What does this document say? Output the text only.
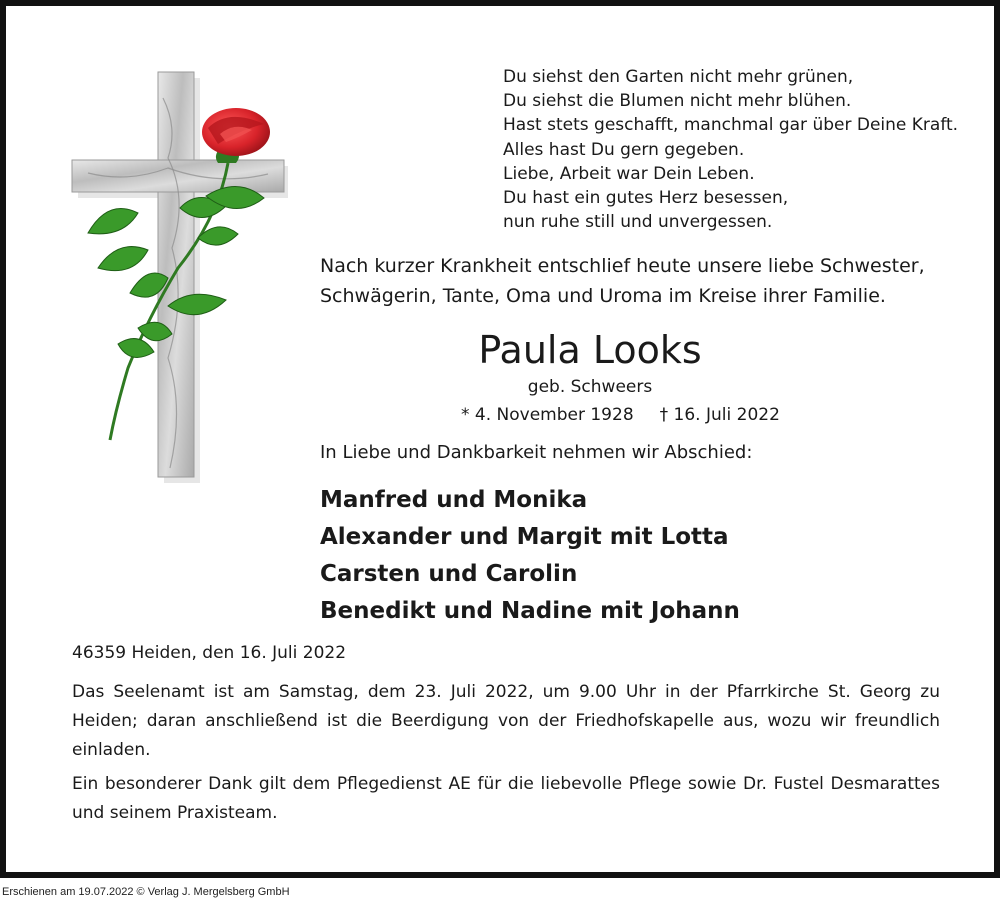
Du siehst den Garten nicht mehr grünen,
Du siehst die Blumen nicht mehr blühen.
Hast stets geschafft, manchmal gar über Deine Kraft.
Alles hast Du gern gegeben.
Liebe, Arbeit war Dein Leben.
Du hast ein gutes Herz besessen,
nun ruhe still und unvergessen.
Nach kurzer Krankheit entschlief heute unsere liebe Schwester,
Schwägerin, Tante, Oma und Uroma im Kreise ihrer Familie.
Paula Looks
geb. Schweers
* 4. November 1928 † 16. Juli 2022
In Liebe und Dankbarkeit nehmen wir Abschied:
Manfred und Monika
Alexander und Margit mit Lotta
Carsten und Carolin
Benedikt und Nadine mit Johann
46359 Heiden, den 16. Juli 2022
Das Seelenamt ist am Samstag, dem 23. Juli 2022, um 9.00 Uhr in der Pfarrkirche St. Georg zu Heiden; daran anschließend ist die Beerdigung von der Friedhofskapelle aus, wozu wir freundlich einladen.
Ein besonderer Dank gilt dem Pflegedienst AE für die liebevolle Pflege sowie Dr. Fustel Desmarattes und seinem Praxisteam.
Erschienen am 19.07.2022 © Verlag J. Mergelsberg GmbH
